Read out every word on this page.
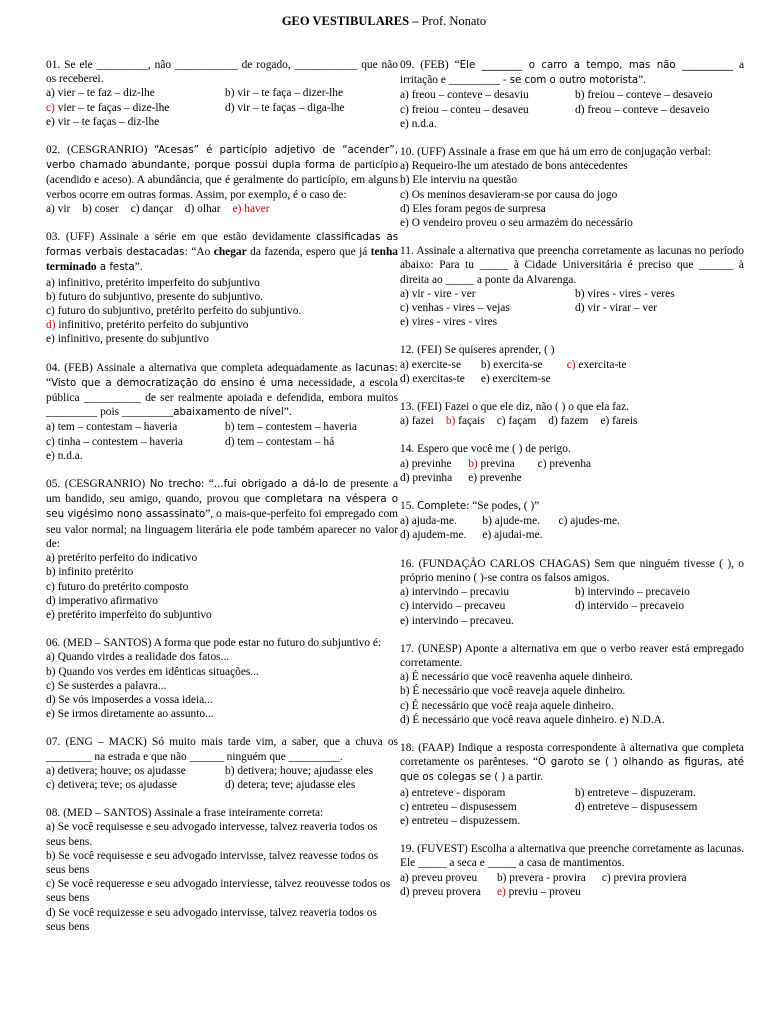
GEO VESTIBULARES – Prof. Nonato
01. Se ele _________, não ___________ de rogado, ___________ que não os receberei.
a) vier – te faz – diz-lhe	b) vir – te faça – dizer-lhe
c) vier – te faças – dize-lhe	d) vir – te faças – diga-lhe
e) vir – te faças – diz-lhe
02. (CESGRANRIO) “Acesas” é particípio adjetivo de “acender”, verbo chamado abundante, porque possui dupla forma de particípio (acendido e aceso). A abundância, que é geralmente do particípio, em alguns verbos ocorre em outras formas. Assim, por exemplo, é o caso de:
a) vir b) coser c) dançar d) olhar e) haver
03. (UFF) Assinale a série em que estão devidamente classificadas as formas verbais destacadas: “Ao chegar da fazenda, espero que já tenha terminado a festa”.
a) infinitivo, pretérito imperfeito do subjuntivo
b) futuro do subjuntivo, presente do subjuntivo.
c) futuro do subjuntivo, pretérito perfeito do subjuntivo.
d) infinitivo, pretérito perfeito do subjuntivo
e) infinitivo, presente do subjuntivo
04. (FEB) Assinale a alternativa que completa adequadamente as lacunas: “Visto que a democratização do ensino é uma necessidade, a escola pública __________ de ser realmente apoiada e defendida, embora muitos _________ pois _________abaixamento de nível”.
a) tem – contestam – haveria	b) tem – contestem – haveria
c) tinha – contestem – haveria	d) tem – contestam – há
e) n.d.a.
05. (CESGRANRIO) No trecho: “...fui obrigado a dá-lo de presente a um bandido, seu amigo, quando, provou que completara na véspera o seu vigésimo nono assassinato”, o mais-que-perfeito foi empregado com seu valor normal; na linguagem literária ele pode também aparecer no valor de:
a) pretérito perfeito do indicativo
b) infinito pretérito
c) futuro do pretérito composto
d) imperativo afirmativo
e) pretérito imperfeito do subjuntivo
06. (MED – SANTOS) A forma que pode estar no futuro do subjuntivo é:
a) Quando virdes a realidade dos fatos...
b) Quando vos verdes em idênticas situações...
c) Se susterdes a palavra...
d) Se vós imposerdes a vossa ideia...
e) Se irmos diretamente ao assunto...
07. (ENG – MACK) Só muito mais tarde vim, a saber, que a chuva os ________ na estrada e que não ______ ninguém que _________.
a) detivera; houve; os ajudasse	b) detivera; houve; ajudasse eles
c) detivera; teve; os ajudasse	d) detera; teve; ajudasse eles
08. (MED – SANTOS) Assinale a frase inteiramente correta:
a) Se você requisesse e seu advogado intervesse, talvez reaveria todos os seus bens.
b) Se você requisesse e seu advogado intervisse, talvez reavesse todos os seus bens
c) Se você requeresse e seu advogado interviesse, talvez reouvesse todos os seus bens
d) Se você requizesse e seu advogado intervisse, talvez reaveria todos os seus bens
09. (FEB) “Ele ________ o carro a tempo, mas não __________ a irritação e _________ - se com o outro motorista”.
a) freou – conteve – desaviu	b) freiou – conteve – desaveio
c) freiou – conteu – desaveu	d) freou – conteve – desaveio
e) n.d.a.
10. (UFF) Assinale a frase em que há um erro de conjugação verbal:
a) Requeiro-lhe um atestado de bons antecedentes
b) Ele interviu na questão
c) Os meninos desavieram-se por causa do jogo
d) Eles foram pegos de surpresa
e) O vendeiro proveu o seu armazém do necessário
11. Assinale a alternativa que preencha corretamente as lacunas no período abaixo: Para tu _____ à Cidade Universitária é preciso que ______ à direita ao _____ a ponte da Alvarenga.
a) vir - vire - ver	b) vires - vires - veres
c) venhas - vires – vejas	d) vir - virar – ver
e) vires - vires - vires
12. (FEI) Se quiseres aprender, ( )
a) exercite-se	b) exercita-se	c) exercita-te
d) exercitas-te e) exercitem-se
13. (FEI) Fazei o que ele diz, não ( ) o que ela faz.
a) fazei b) façais c) façam d) fazem e) fareis
14. Espero que você me ( ) de perigo.
a) previnhe b) previna	c) prevenha
d) previnha e) prevenhe
15. Complete: “Se podes, ( )”
a) ajuda-me.	b) ajude-me. c) ajudes-me.
d) ajudem-me. e) ajudai-me.
16. (FUNDAÇÃO CARLOS CHAGAS) Sem que ninguém tivesse ( ), o próprio menino ( )-se contra os falsos amigos.
a) intervindo – precaviu	b) intervindo – precaveio
c) intervido – precaveu	d) intervido – precaveio
e) intervindo – precaveu.
17. (UNESP) Aponte a alternativa em que o verbo reaver está empregado corretamente.
a) É necessário que você reavenha aquele dinheiro.
b) É necessário que você reaveja aquele dinheiro.
c) É necessário que você reaja aquele dinheiro.
d) É necessário que você reava aquele dinheiro. e) N.D.A.
18. (FAAP) Indique a resposta correspondente à alternativa que completa corretamente os parênteses. “O garoto se ( ) olhando as figuras, até que os colegas se ( ) a partir.
a) entreteve - disporam	b) entreteve – dispuzeram.
c) entreteu – dispusessem	d) entreteve – dispusessem
e) entreteu – dispuzessem.
19. (FUVEST) Escolha a alternativa que preenche corretamente as lacunas. Ele _____ a seca e _____ a casa de mantimentos.
a) preveu proveu	b) prevera - provira c) previra proviera
d) preveu provera e) previu – proveu
